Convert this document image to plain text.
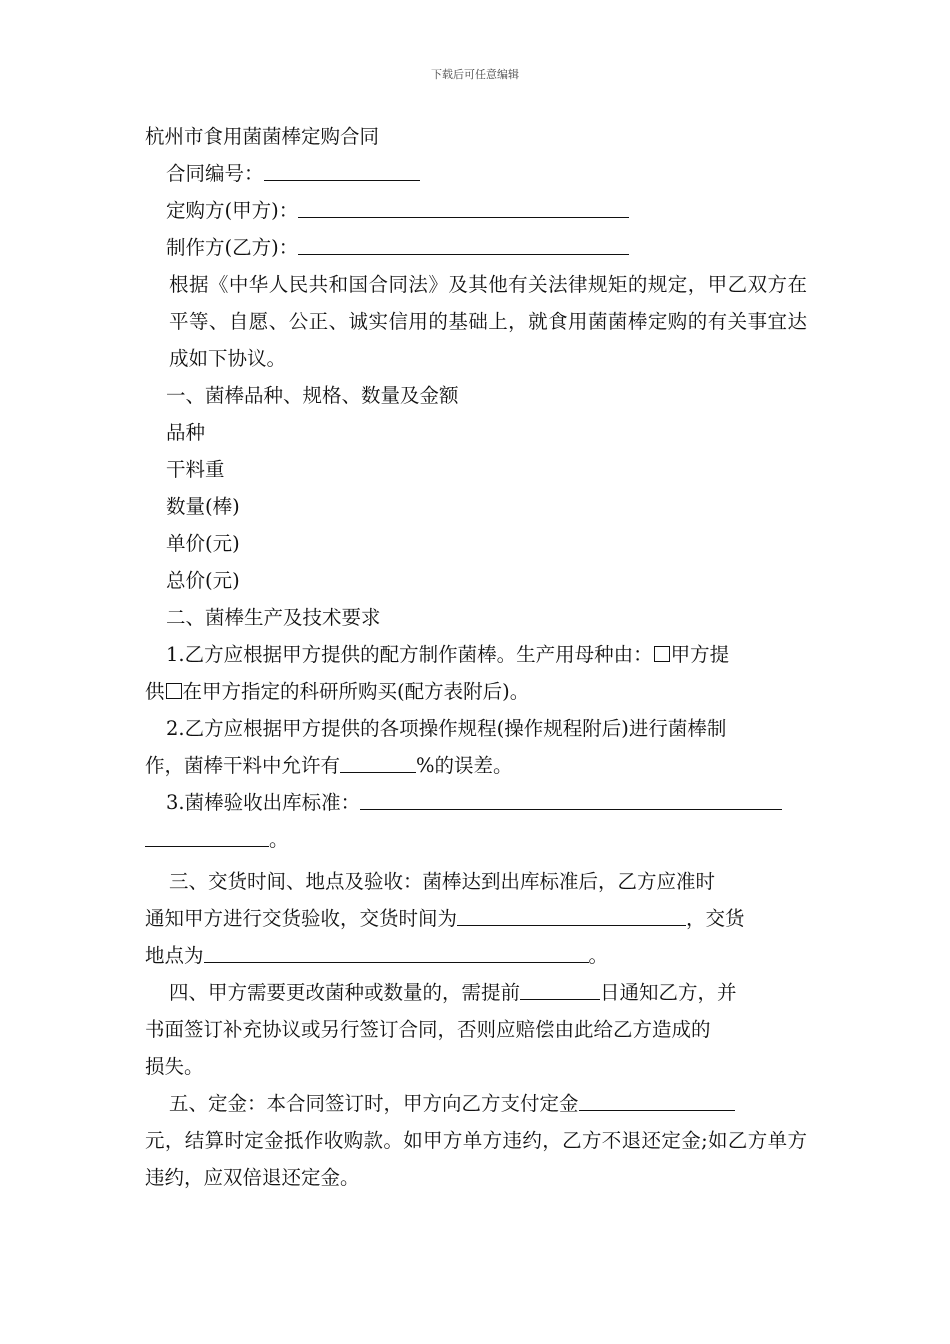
下载后可任意编辑
杭州市食用菌菌棒定购合同
合同编号：
定购方(甲方)：
制作方(乙方)：
根据《中华人民共和国合同法》及其他有关法律规矩的规定，甲乙双方在平等、自愿、公正、诚实信用的基础上，就食用菌菌棒定购的有关事宜达成如下协议。
一、菌棒品种、规格、数量及金额
品种
干料重
数量(棒)
单价(元)
总价(元)
二、菌棒生产及技术要求
1.乙方应根据甲方提供的配方制作菌棒。生产用母种由： 甲方提
供 在甲方指定的科研所购买(配方表附后)。
2.乙方应根据甲方提供的各项操作规程(操作规程附后)进行菌棒制
作，菌棒干料中允许有	%的误差。
3.菌棒验收出库标准：
。
三、交货时间、地点及验收：菌棒达到出库标准后，乙方应准时
通知甲方进行交货验收，交货时间为	，交货
地点为	。
四、甲方需要更改菌种或数量的，需提前	日通知乙方，并
书面签订补充协议或另行签订合同，否则应赔偿由此给乙方造成的
损失。
五、定金：本合同签订时，甲方向乙方支付定金
元，结算时定金抵作收购款。如甲方单方违约，乙方不退还定金;如乙方单方违约，应双倍退还定金。
